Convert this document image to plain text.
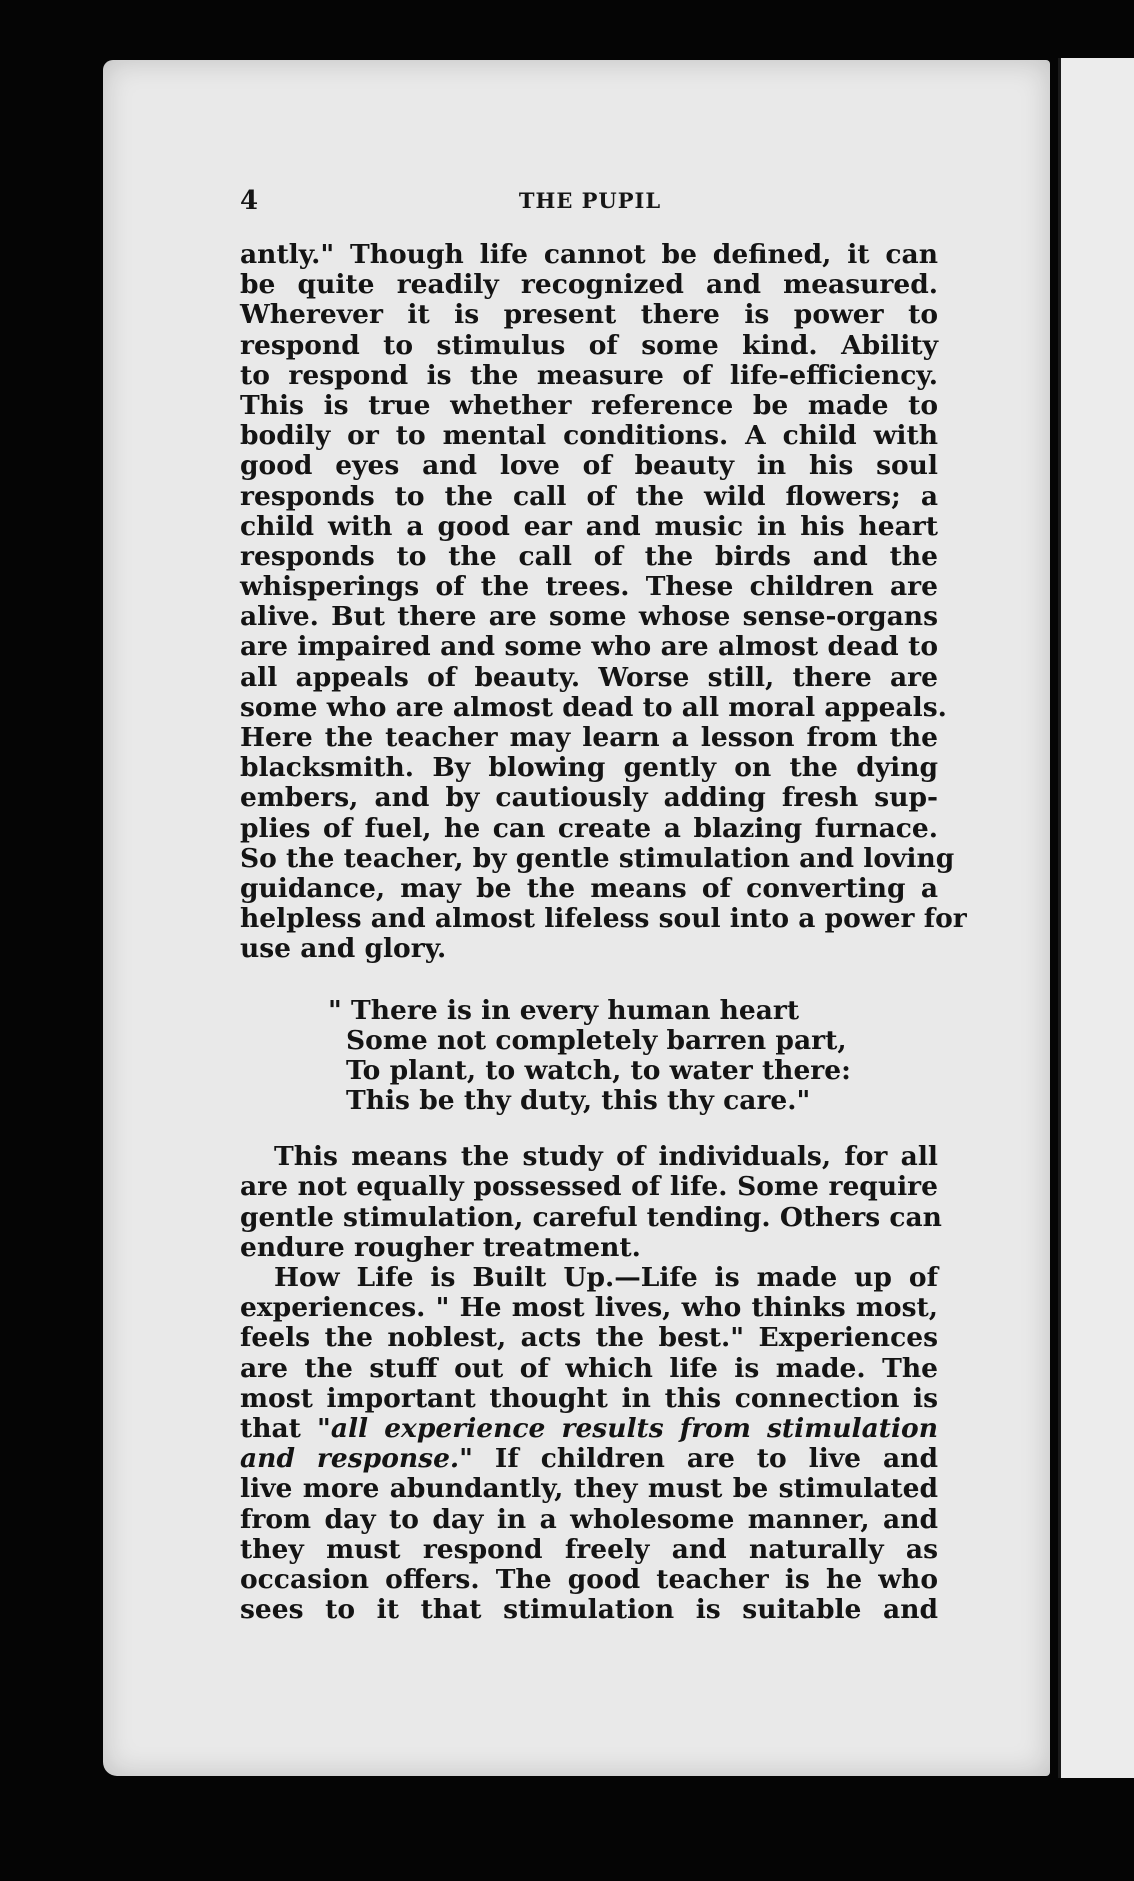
4	THE PUPIL
antly." Though life cannot be defined, it can
be quite readily recognized and measured.
Wherever it is present there is power to
respond to stimulus of some kind. Ability
to respond is the measure of life-efficiency.
This is true whether reference be made to
bodily or to mental conditions. A child with
good eyes and love of beauty in his soul
responds to the call of the wild flowers; a
child with a good ear and music in his heart
responds to the call of the birds and the
whisperings of the trees. These children are
alive. But there are some whose sense-organs
are impaired and some who are almost dead to
all appeals of beauty. Worse still, there are
some who are almost dead to all moral appeals.
Here the teacher may learn a lesson from the
blacksmith. By blowing gently on the dying
embers, and by cautiously adding fresh sup-
plies of fuel, he can create a blazing furnace.
So the teacher, by gentle stimulation and loving
guidance, may be the means of converting a
helpless and almost lifeless soul into a power for
use and glory.
" There is in every human heart
Some not completely barren part,
To plant, to watch, to water there:
This be thy duty, this thy care."
This means the study of individuals, for all
are not equally possessed of life. Some require
gentle stimulation, careful tending. Others can
endure rougher treatment.
How Life is Built Up.—Life is made up of
experiences. " He most lives, who thinks most,
feels the noblest, acts the best." Experiences
are the stuff out of which life is made. The
most important thought in this connection is
that "all experience results from stimulation
and response." If children are to live and
live more abundantly, they must be stimulated
from day to day in a wholesome manner, and
they must respond freely and naturally as
occasion offers. The good teacher is he who
sees to it that stimulation is suitable and
